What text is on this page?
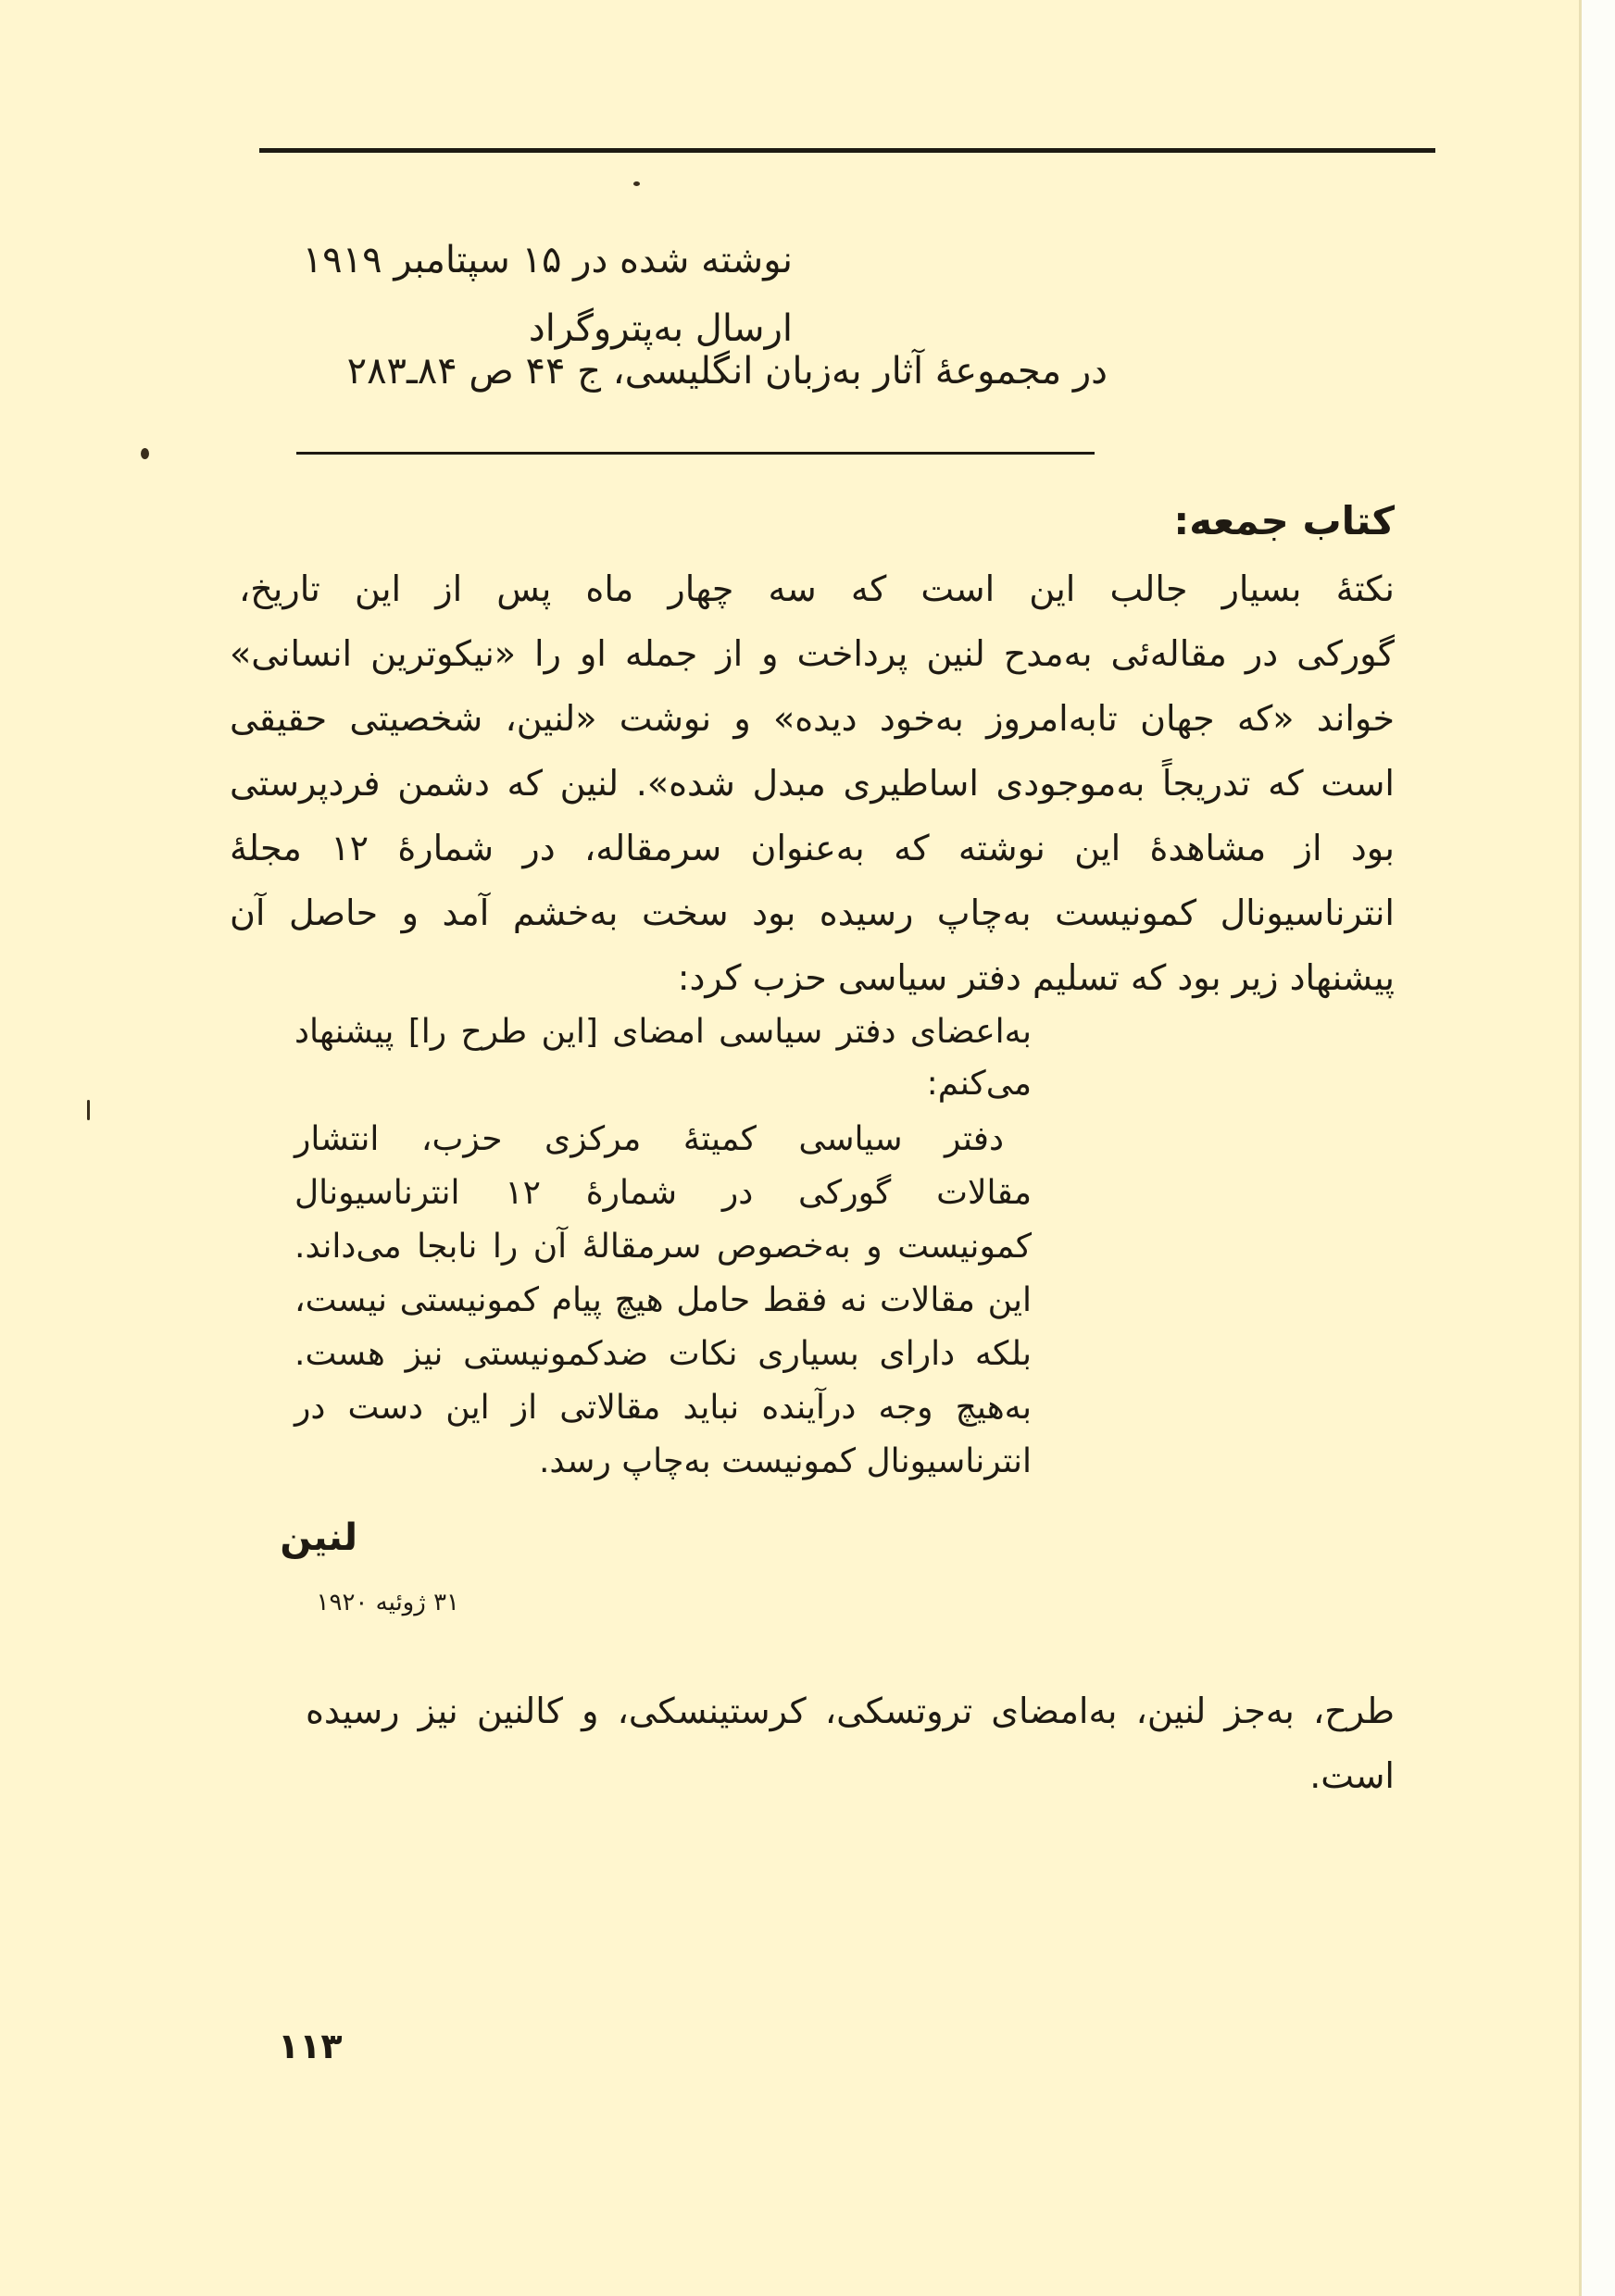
نوشته شده در ۱۵ سپتامبر ۱۹۱۹
ارسال به‌پتروگراد
در مجموعهٔ آثار به‌زبان انگلیسی، ج ۴۴ ص ۸۴ـ۲۸۳
کتاب جمعه:
نکتهٔ بسیار جالب این است که سه چهار ماه پس از این تاریخ،
گورکی در مقاله‌ئی به‌مدح لنین پرداخت و از جمله او را «نیکوترین انسانی»
خواند «که جهان تابه‌امروز به‌خود دیده» و نوشت «لنین، شخصیتی حقیقی
است که تدریجاً به‌موجودی اساطیری مبدل شده». لنین که دشمن فردپرستی
بود از مشاهدهٔ این نوشته که به‌عنوان سرمقاله، در شمارهٔ ۱۲ مجلهٔ
انترناسیونال کمونیست به‌چاپ رسیده بود سخت به‌خشم آمد و حاصل آن
پیشنهاد زیر بود که تسلیم دفتر سیاسی حزب کرد:
به‌اعضای دفتر سیاسی امضای [این طرح را] پیشنهاد
می‌کنم:
دفتر سیاسی کمیتهٔ مرکزی حزب، انتشار
مقالات گورکی در شمارهٔ ۱۲ انترناسیونال
کمونیست و به‌خصوص سرمقالهٔ آن را نابجا می‌داند.
این مقالات نه فقط حامل هیچ پیام کمونیستی نیست،
بلکه دارای بسیاری نکات ضدکمونیستی نیز هست.
به‌هیچ وجه درآینده نباید مقالاتی از این دست در
انترناسیونال کمونیست به‌چاپ رسد.
لنین
۳۱ ژوئیه ۱۹۲۰
طرح، به‌جز لنین، به‌امضای تروتسکی، کرستینسکی، و کالنین نیز رسیده
است.
۱۱۳
